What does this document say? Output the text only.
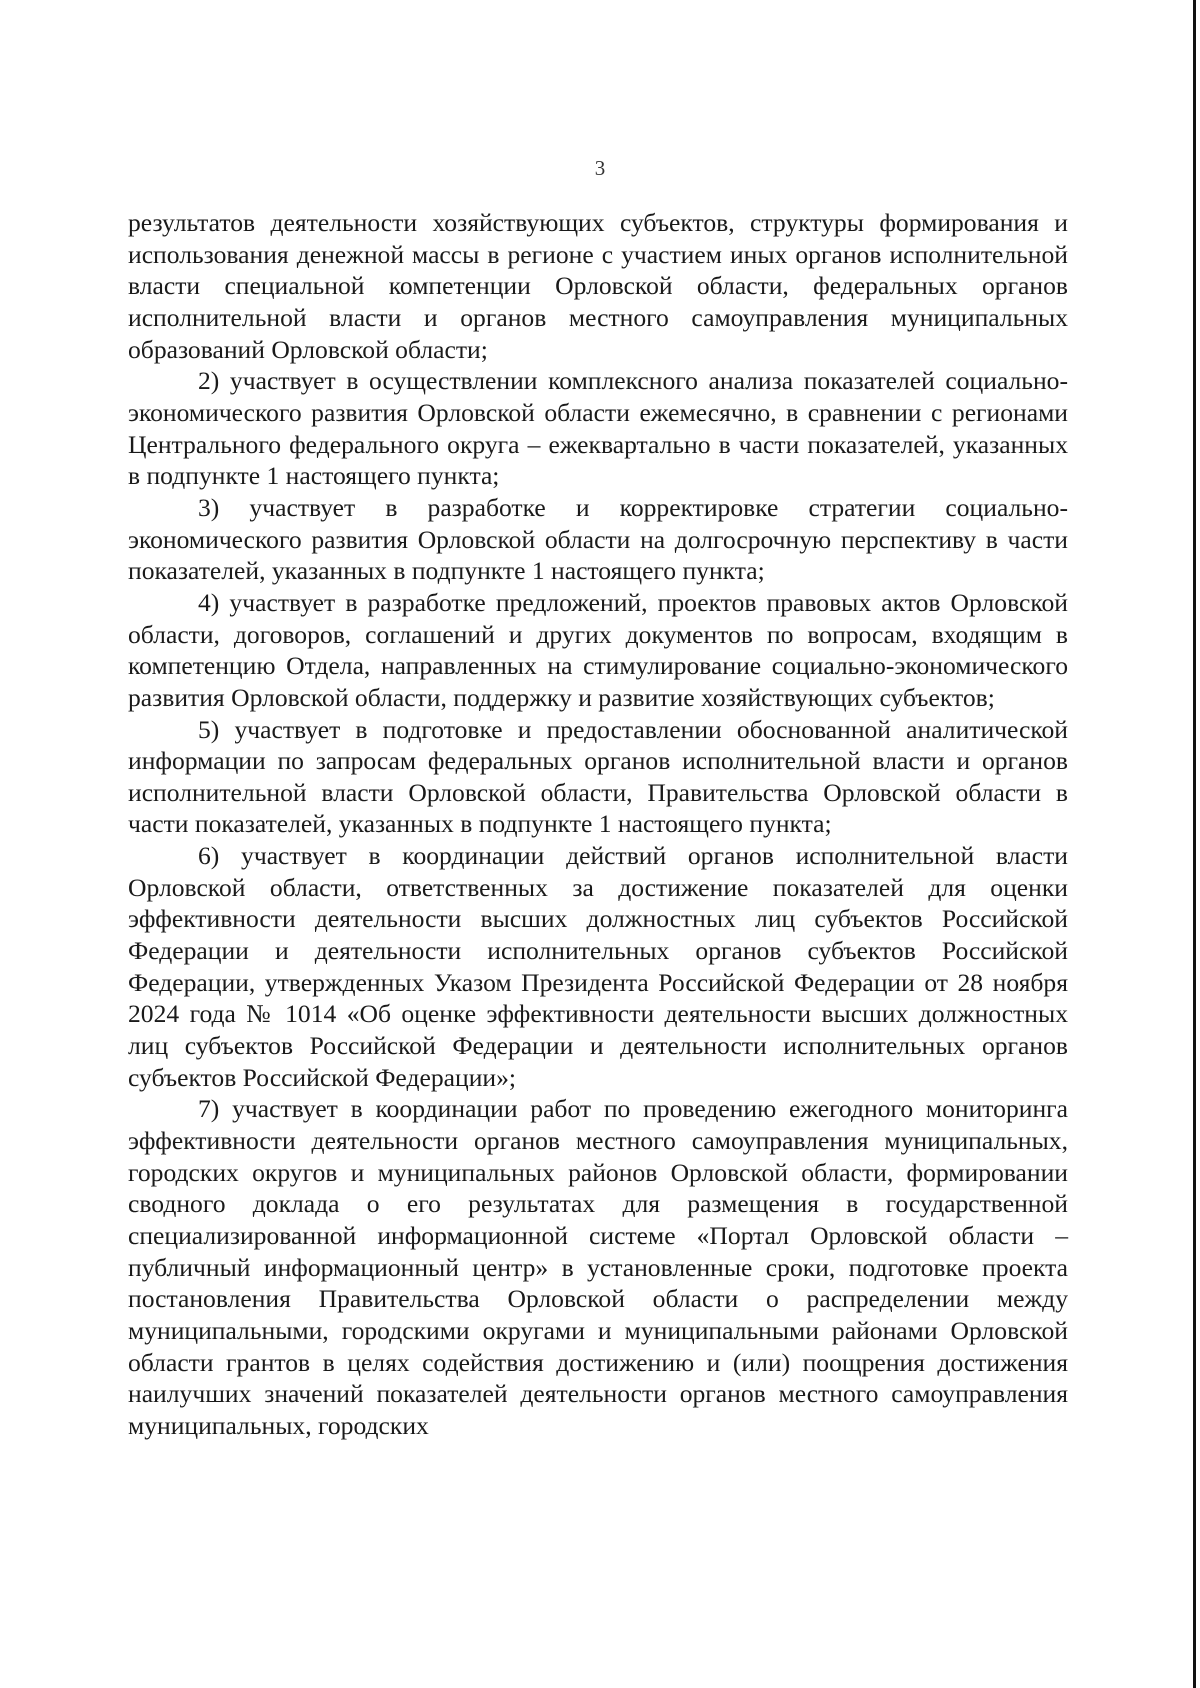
3

результатов деятельности хозяйствующих субъектов, структуры формирования и использования денежной массы в регионе с участием иных органов исполнительной власти специальной компетенции Орловской области, федеральных органов исполнительной власти и органов местного самоуправления муниципальных образований Орловской области;

2) участвует в осуществлении комплексного анализа показателей социально-экономического развития Орловской области ежемесячно, в сравнении с регионами Центрального федерального округа – ежеквартально в части показателей, указанных в подпункте 1 настоящего пункта;

3) участвует в разработке и корректировке стратегии социально-экономического развития Орловской области на долгосрочную перспективу в части показателей, указанных в подпункте 1 настоящего пункта;

4) участвует в разработке предложений, проектов правовых актов Орловской области, договоров, соглашений и других документов по вопросам, входящим в компетенцию Отдела, направленных на стимулирование социально-экономического развития Орловской области, поддержку и развитие хозяйствующих субъектов;

5) участвует в подготовке и предоставлении обоснованной аналитической информации по запросам федеральных органов исполнительной власти и органов исполнительной власти Орловской области, Правительства Орловской области в части показателей, указанных в подпункте 1 настоящего пункта;

6) участвует в координации действий органов исполнительной власти Орловской области, ответственных за достижение показателей для оценки эффективности деятельности высших должностных лиц субъектов Российской Федерации и деятельности исполнительных органов субъектов Российской Федерации, утвержденных Указом Президента Российской Федерации от 28 ноября 2024 года № 1014 «Об оценке эффективности деятельности высших должностных лиц субъектов Российской Федерации и деятельности исполнительных органов субъектов Российской Федерации»;

7) участвует в координации работ по проведению ежегодного мониторинга эффективности деятельности органов местного самоуправления муниципальных, городских округов и муниципальных районов Орловской области, формировании сводного доклада о его результатах для размещения в государственной специализированной информационной системе «Портал Орловской области – публичный информационный центр» в установленные сроки, подготовке проекта постановления Правительства Орловской области о распределении между муниципальными, городскими округами и муниципальными районами Орловской области грантов в целях содействия достижению и (или) поощрения достижения наилучших значений показателей деятельности органов местного самоуправления муниципальных, городских
